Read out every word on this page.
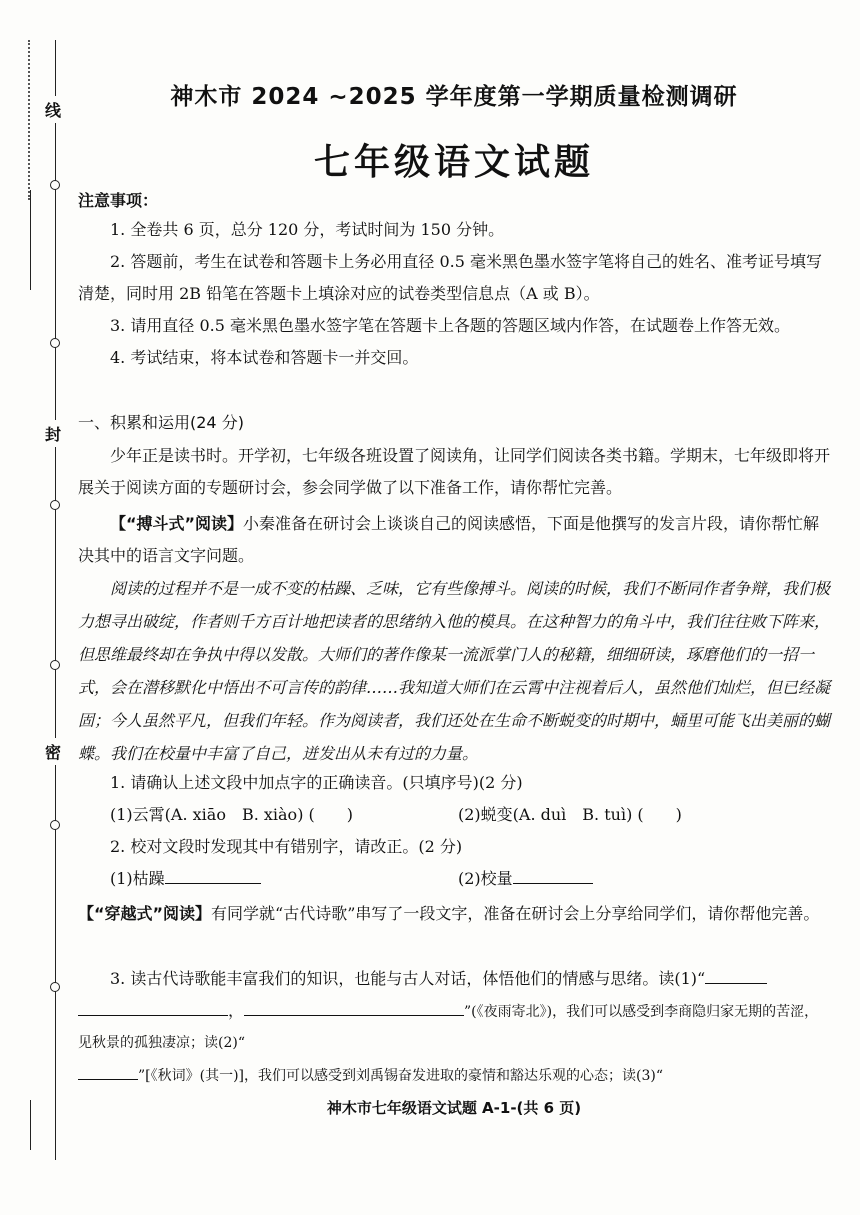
线
封
密
神木市 2024 ~2025 学年度第一学期质量检测调研
七年级语文试题
注意事项：

1. 全卷共 6 页，总分 120 分，考试时间为 150 分钟。

2. 答题前，考生在试卷和答题卡上务必用直径 0.5 毫米黑色墨水签字笔将自己的姓名、准考证号填写清楚，同时用 2B 铅笔在答题卡上填涂对应的试卷类型信息点（A 或 B）。

3. 请用直径 0.5 毫米黑色墨水签字笔在答题卡上各题的答题区域内作答，在试题卷上作答无效。

4. 考试结束，将本试卷和答题卡一并交回。

一、积累和运用(24 分)

少年正是读书时。开学初，七年级各班设置了阅读角，让同学们阅读各类书籍。学期末，七年级即将开展关于阅读方面的专题研讨会，参会同学做了以下准备工作，请你帮忙完善。

【“搏斗式”阅读】小秦准备在研讨会上谈谈自己的阅读感悟，下面是他撰写的发言片段，请你帮忙解决其中的语言文字问题。

阅读的过程并不是一成不变的枯躁、乏味，它有些像搏斗。阅读的时候，我们不断同作者争辩，我们极力想寻出破绽，作者则千方百计地把读者的思绪纳入他的模具。在这种智力的角斗中，我们往往败下阵来，但思维最终却在争执中得以发散。大师们的著作像某一流派掌门人的秘籍，细细研读，琢磨他们的一招一式，会在潜移默化中悟出不可言传的韵律……我知道大师们在云霄中注视着后人，虽然他们灿烂，但已经凝固；今人虽然平凡，但我们年轻。作为阅读者，我们还处在生命不断蜕变的时期中，蛹里可能飞出美丽的蝴蝶。我们在校量中丰富了自己，迸发出从未有过的力量。

1. 请确认上述文段中加点字的正确读音。(只填序号)(2 分)
(1)云霄(A. xiāo　B. xiào) (　　)	(2)蜕变(A. duì　B. tuì) (　　)
2. 校对文段时发现其中有错别字，请改正。(2 分)
(1)枯躁	(2)校量

【“穿越式”阅读】有同学就“古代诗歌”串写了一段文字，准备在研讨会上分享给同学们，请你帮他完善。

3. 读古代诗歌能丰富我们的知识，也能与古人对话，体悟他们的情感与思绪。读(1)“
，	”(《夜雨寄北》)，我们可以感受到李商隐归家无期的苦涩，见秋景的孤独凄凉；读(2)“
”[《秋词》(其一)]，我们可以感受到刘禹锡奋发进取的豪情和豁达乐观的心态；读(3)“
神木市七年级语文试题 A-1-(共 6 页)
